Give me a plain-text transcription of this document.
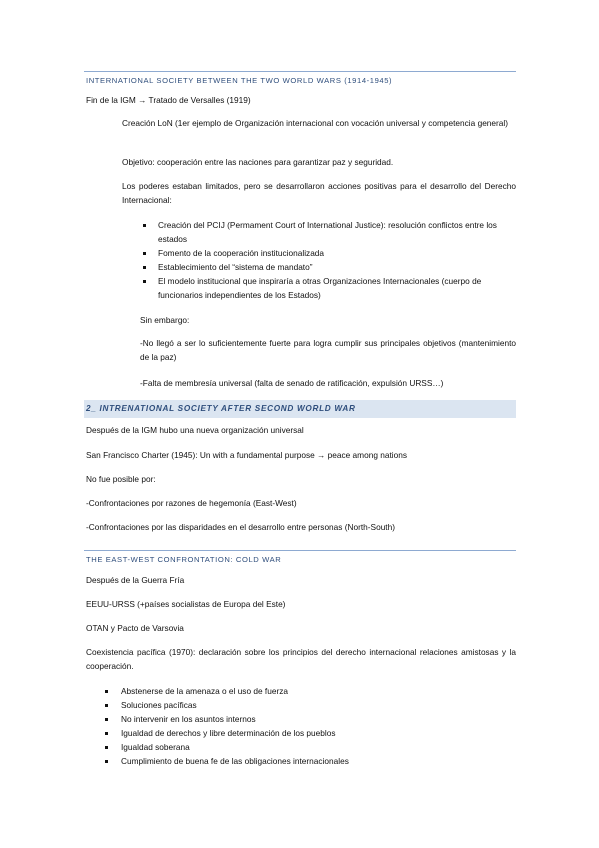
INTERNATIONAL SOCIETY BETWEEN THE TWO WORLD WARS (1914-1945)
Fin de la IGM → Tratado de Versalles (1919)
Creación LoN (1er ejemplo de Organización internacional con vocación universal y competencia general)
Objetivo: cooperación entre las naciones para garantizar paz y seguridad.
Los poderes estaban limitados, pero se desarrollaron acciones positivas para el desarrollo del Derecho Internacional:
Creación del PCIJ (Permament Court of International Justice): resolución conflictos entre los estados
Fomento de la cooperación institucionalizada
Establecimiento del “sistema de mandato”
El modelo institucional que inspiraría a otras Organizaciones Internacionales (cuerpo de funcionarios independientes de los Estados)
Sin embargo:
-No llegó a ser lo suficientemente fuerte para logra cumplir sus principales objetivos (mantenimiento de la paz)
-Falta de membresía universal (falta de senado de ratificación, expulsión URSS…)
2_ INTRENATIONAL SOCIETY AFTER SECOND WORLD WAR
Después de la IGM hubo una nueva organización universal
San Francisco Charter (1945): Un with a fundamental purpose → peace among nations
No fue posible por:
-Confrontaciones por razones de hegemonía (East-West)
-Confrontaciones por las disparidades en el desarrollo entre personas (North-South)
THE EAST-WEST CONFRONTATION: COLD WAR
Después de la Guerra Fría
EEUU-URSS (+países socialistas de Europa del Este)
OTAN y Pacto de Varsovia
Coexistencia pacífica (1970): declaración sobre los principios del derecho internacional relaciones amistosas y la cooperación.
Abstenerse de la amenaza o el uso de fuerza
Soluciones pacíficas
No intervenir en los asuntos internos
Igualdad de derechos y libre determinación de los pueblos
Igualdad soberana
Cumplimiento de buena fe de las obligaciones internacionales
